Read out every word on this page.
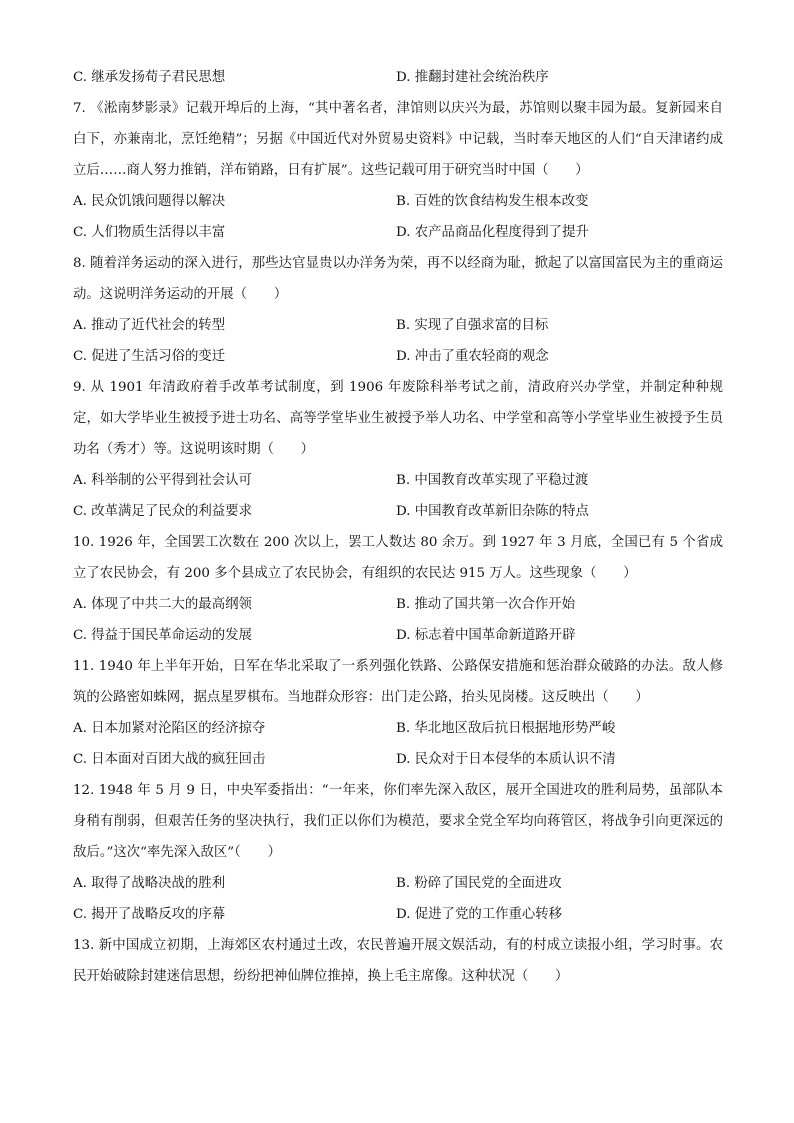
C. 继承发扬荀子君民思想	D. 推翻封建社会统治秩序

7. 《淞南梦影录》记载开埠后的上海，“其中著名者，津馆则以庆兴为最，苏馆则以聚丰园为最。复新园来自白下，亦兼南北，烹饪绝精”；另据《中国近代对外贸易史资料》中记载，当时奉天地区的人们“自天津诸约成立后……商人努力推销，洋布销路，日有扩展”。这些记载可用于研究当时中国（　　）

A. 民众饥饿问题得以解决	B. 百姓的饮食结构发生根本改变
C. 人们物质生活得以丰富	D. 农产品商品化程度得到了提升

8. 随着洋务运动的深入进行，那些达官显贵以办洋务为荣，再不以经商为耻，掀起了以富国富民为主的重商运动。这说明洋务运动的开展（　　）

A. 推动了近代社会的转型	B. 实现了自强求富的目标
C. 促进了生活习俗的变迁	D. 冲击了重农轻商的观念

9. 从 1901 年清政府着手改革考试制度，到 1906 年废除科举考试之前，清政府兴办学堂，并制定种种规定，如大学毕业生被授予进士功名、高等学堂毕业生被授予举人功名、中学堂和高等小学堂毕业生被授予生员功名（秀才）等。这说明该时期（　　）

A. 科举制的公平得到社会认可	B. 中国教育改革实现了平稳过渡
C. 改革满足了民众的利益要求	D. 中国教育改革新旧杂陈的特点

10. 1926 年，全国罢工次数在 200 次以上，罢工人数达 80 余万。到 1927 年 3 月底，全国已有 5 个省成立了农民协会，有 200 多个县成立了农民协会，有组织的农民达 915 万人。这些现象（　　）

A. 体现了中共二大的最高纲领	B. 推动了国共第一次合作开始
C. 得益于国民革命运动的发展	D. 标志着中国革命新道路开辟

11. 1940 年上半年开始，日军在华北采取了一系列强化铁路、公路保安措施和惩治群众破路的办法。敌人修筑的公路密如蛛网，据点星罗棋布。当地群众形容：出门走公路，抬头见岗楼。这反映出（　　）

A. 日本加紧对沦陷区的经济掠夺	B. 华北地区敌后抗日根据地形势严峻
C. 日本面对百团大战的疯狂回击	D. 民众对于日本侵华的本质认识不清

12. 1948 年 5 月 9 日，中央军委指出：“一年来，你们率先深入敌区，展开全国进攻的胜利局势，虽部队本身稍有削弱，但艰苦任务的坚决执行，我们正以你们为模范，要求全党全军均向蒋管区，将战争引向更深远的敌后。”这次“率先深入敌区”（　　）

A. 取得了战略决战的胜利	B. 粉碎了国民党的全面进攻
C. 揭开了战略反攻的序幕	D. 促进了党的工作重心转移

13. 新中国成立初期，上海郊区农村通过土改，农民普遍开展文娱活动，有的村成立读报小组，学习时事。农民开始破除封建迷信思想，纷纷把神仙牌位推掉，换上毛主席像。这种状况（　　）
